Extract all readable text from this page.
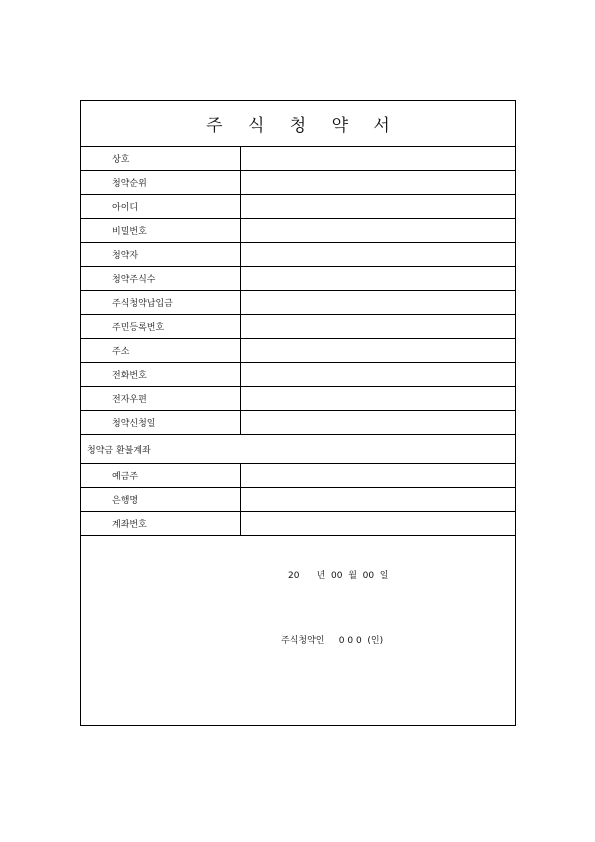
주 식 청 약 서
상호
청약순위
아이디
비밀번호
청약자
청약주식수
주식청약납입금
주민등록번호
주소
전화번호
전자우편
청약신청일
청약금 환불계좌
예금주
은행명
계좌번호
20      년  00  월  00  일
주식청약인     0 0 0  (인)
